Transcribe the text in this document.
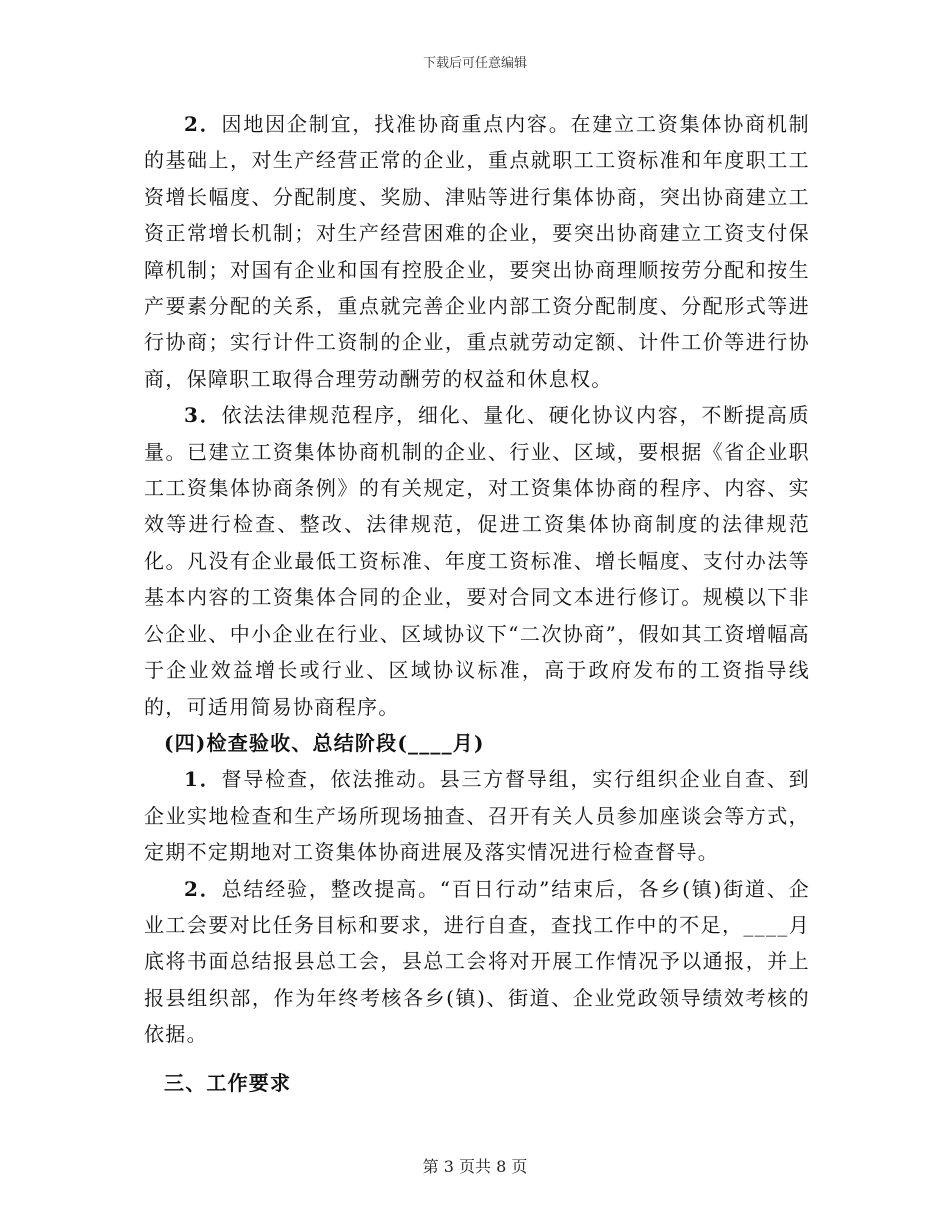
下载后可任意编辑

2．因地因企制宜，找准协商重点内容。在建立工资集体协商机制的基础上，对生产经营正常的企业，重点就职工工资标准和年度职工工资增长幅度、分配制度、奖励、津贴等进行集体协商，突出协商建立工资正常增长机制；对生产经营困难的企业，要突出协商建立工资支付保障机制；对国有企业和国有控股企业，要突出协商理顺按劳分配和按生产要素分配的关系，重点就完善企业内部工资分配制度、分配形式等进行协商；实行计件工资制的企业，重点就劳动定额、计件工价等进行协商，保障职工取得合理劳动酬劳的权益和休息权。

3．依法法律规范程序，细化、量化、硬化协议内容，不断提高质量。已建立工资集体协商机制的企业、行业、区域，要根据《省企业职工工资集体协商条例》的有关规定，对工资集体协商的程序、内容、实效等进行检查、整改、法律规范，促进工资集体协商制度的法律规范化。凡没有企业最低工资标准、年度工资标准、增长幅度、支付办法等基本内容的工资集体合同的企业，要对合同文本进行修订。规模以下非公企业、中小企业在行业、区域协议下“二次协商”，假如其工资增幅高于企业效益增长或行业、区域协议标准，高于政府发布的工资指导线的，可适用简易协商程序。

(四)检查验收、总结阶段(____月)

1．督导检查，依法推动。县三方督导组，实行组织企业自查、到企业实地检查和生产场所现场抽查、召开有关人员参加座谈会等方式，定期不定期地对工资集体协商进展及落实情况进行检查督导。

2．总结经验，整改提高。“百日行动”结束后，各乡(镇)街道、企业工会要对比任务目标和要求，进行自查，查找工作中的不足，____月底将书面总结报县总工会，县总工会将对开展工作情况予以通报，并上报县组织部，作为年终考核各乡(镇)、街道、企业党政领导绩效考核的依据。

三、工作要求

第 3 页共 8 页
